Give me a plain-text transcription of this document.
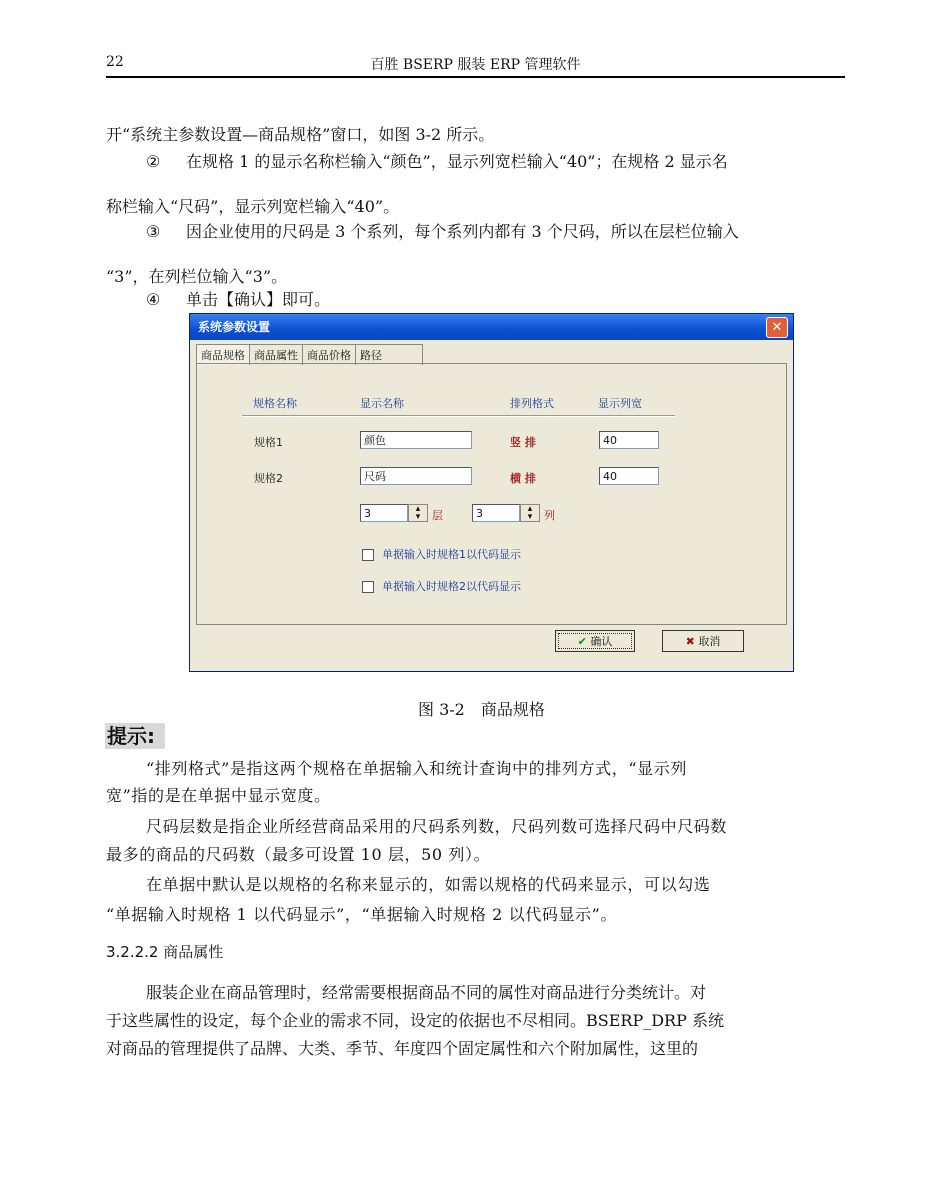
22	百胜 BSERP 服装 ERP 管理软件
开“系统主参数设置—商品规格”窗口，如图 3-2 所示。
② 在规格 1 的显示名称栏输入“颜色”，显示列宽栏输入“40”；在规格 2 显示名
称栏输入“尺码”，显示列宽栏输入“40”。
③ 因企业使用的尺码是 3 个系列，每个系列内都有 3 个尺码，所以在层栏位输入
“3”，在列栏位输入“3”。
④ 单击【确认】即可。
系统参数设置	✕
商品规格 商品属性 商品价格 路径
规格名称	显示名称	排列格式	显示列宽
规格1	颜色	竖 排	40
规格2	尺码	横 排	40
3	▴
▾	层	3	▴
▾	列
单据输入时规格1以代码显示
单据输入时规格2以代码显示
✔ 确认	✖ 取消
图 3-2　商品规格
提示:
“排列格式”是指这两个规格在单据输入和统计查询中的排列方式，“显示列
宽”指的是在单据中显示宽度。
尺码层数是指企业所经营商品采用的尺码系列数，尺码列数可选择尺码中尺码数
最多的商品的尺码数（最多可设置 10 层，50 列）。
在单据中默认是以规格的名称来显示的，如需以规格的代码来显示，可以勾选
“单据输入时规格 1 以代码显示”，“单据输入时规格 2 以代码显示”。
3.2.2.2 商品属性
服装企业在商品管理时，经常需要根据商品不同的属性对商品进行分类统计。对
于这些属性的设定，每个企业的需求不同，设定的依据也不尽相同。BSERP_DRP 系统
对商品的管理提供了品牌、大类、季节、年度四个固定属性和六个附加属性，这里的
